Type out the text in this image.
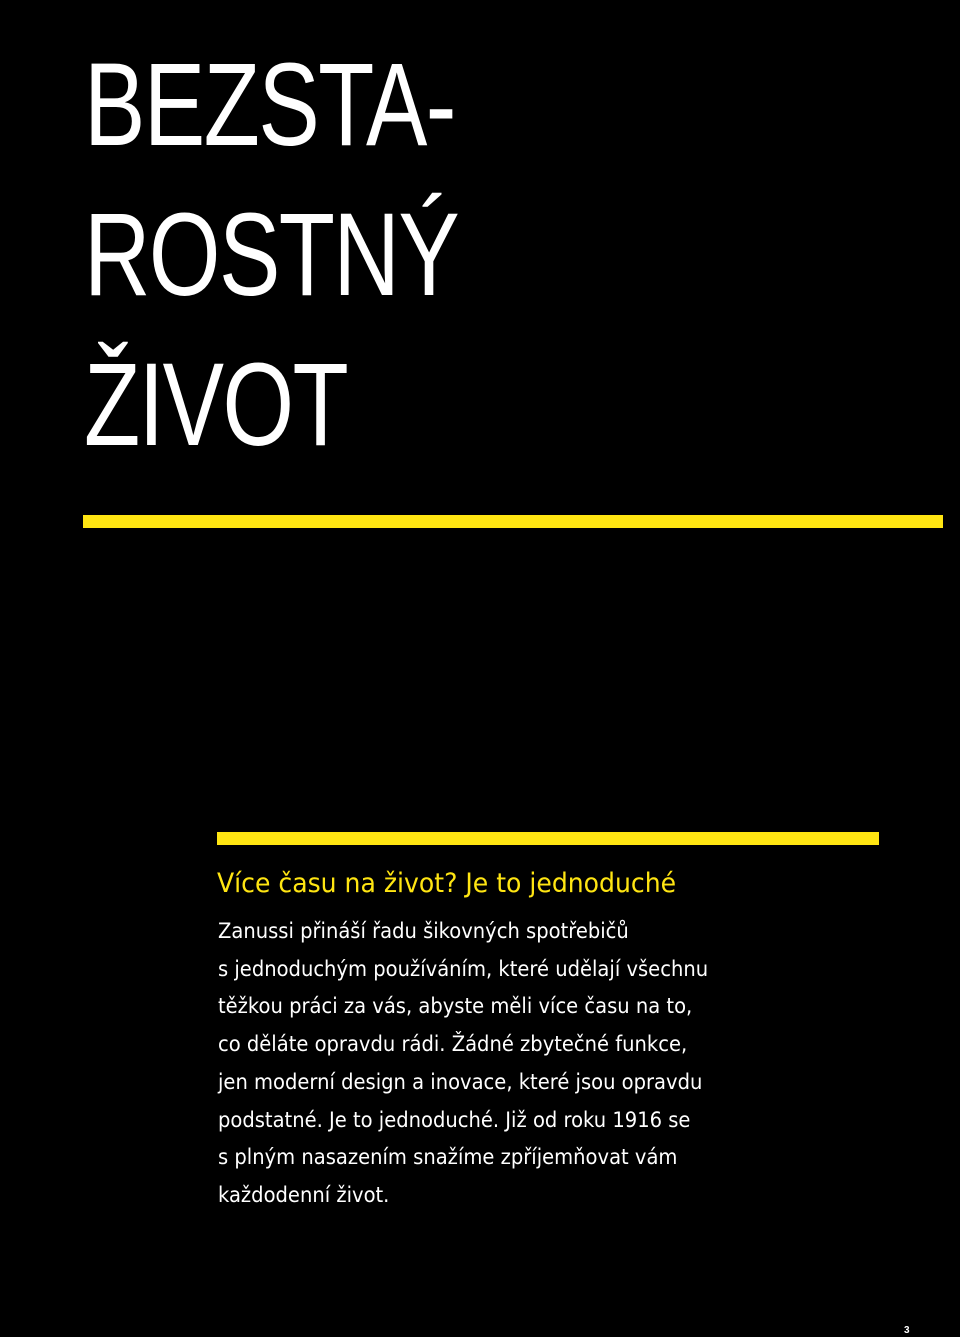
BEZSTA-
ROSTNÝ
ŽIVOT
Více času na život? Je to jednoduché

Zanussi přináší řadu šikovných spotřebičů
s jednoduchým používáním, které udělají všechnu
těžkou práci za vás, abyste měli více času na to,
co děláte opravdu rádi. Žádné zbytečné funkce,
jen moderní design a inovace, které jsou opravdu
podstatné. Je to jednoduché. Již od roku 1916 se
s plným nasazením snažíme zpříjemňovat vám
každodenní život.

3
